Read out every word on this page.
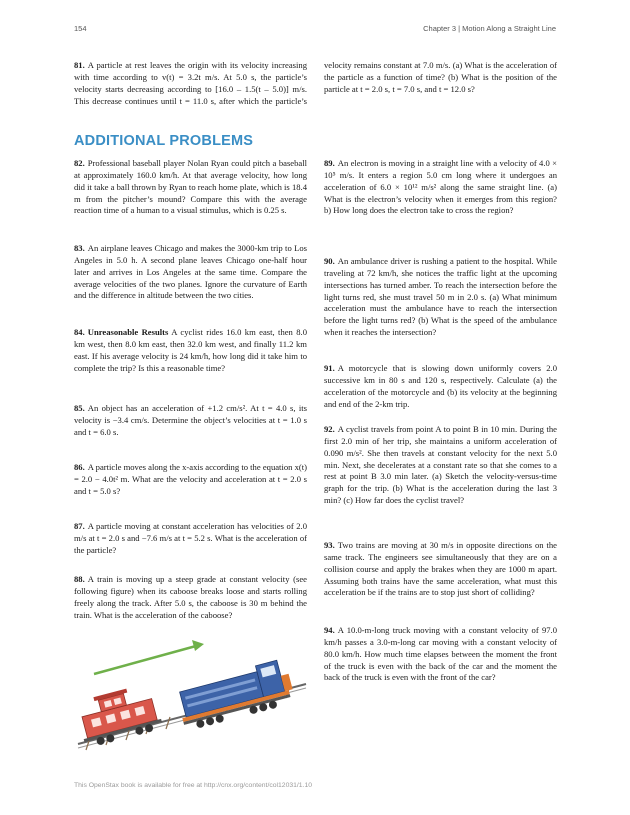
154	Chapter 3 | Motion Along a Straight Line

81. A particle at rest leaves the origin with its velocity increasing with time according to v(t) = 3.2t m/s. At 5.0 s, the particle’s velocity starts decreasing according to [16.0 – 1.5(t – 5.0)] m/s. This decrease continues until t = 11.0 s, after which the particle’s velocity remains constant at 7.0 m/s. (a) What is the acceleration of the particle as a function of time? (b) What is the position of the particle at t = 2.0 s, t = 7.0 s, and t = 12.0 s?

ADDITIONAL PROBLEMS

82. Professional baseball player Nolan Ryan could pitch a baseball at approximately 160.0 km/h. At that average velocity, how long did it take a ball thrown by Ryan to reach home plate, which is 18.4 m from the pitcher’s mound? Compare this with the average reaction time of a human to a visual stimulus, which is 0.25 s.

83. An airplane leaves Chicago and makes the 3000-km trip to Los Angeles in 5.0 h. A second plane leaves Chicago one-half hour later and arrives in Los Angeles at the same time. Compare the average velocities of the two planes. Ignore the curvature of Earth and the difference in altitude between the two cities.

84. Unreasonable Results A cyclist rides 16.0 km east, then 8.0 km west, then 8.0 km east, then 32.0 km west, and finally 11.2 km east. If his average velocity is 24 km/h, how long did it take him to complete the trip? Is this a reasonable time?

85. An object has an acceleration of +1.2 cm/s². At t = 4.0 s, its velocity is −3.4 cm/s. Determine the object’s velocities at t = 1.0 s and t = 6.0 s.

86. A particle moves along the x-axis according to the equation x(t) = 2.0 − 4.0t² m. What are the velocity and acceleration at t = 2.0 s and t = 5.0 s?

87. A particle moving at constant acceleration has velocities of 2.0 m/s at t = 2.0 s and −7.6 m/s at t = 5.2 s. What is the acceleration of the particle?

88. A train is moving up a steep grade at constant velocity (see following figure) when its caboose breaks loose and starts rolling freely along the track. After 5.0 s, the caboose is 30 m behind the train. What is the acceleration of the caboose?

89. An electron is moving in a straight line with a velocity of 4.0 × 10⁵ m/s. It enters a region 5.0 cm long where it undergoes an acceleration of 6.0 × 10¹² m/s² along the same straight line. (a) What is the electron’s velocity when it emerges from this region? b) How long does the electron take to cross the region?

90. An ambulance driver is rushing a patient to the hospital. While traveling at 72 km/h, she notices the traffic light at the upcoming intersections has turned amber. To reach the intersection before the light turns red, she must travel 50 m in 2.0 s. (a) What minimum acceleration must the ambulance have to reach the intersection before the light turns red? (b) What is the speed of the ambulance when it reaches the intersection?

91. A motorcycle that is slowing down uniformly covers 2.0 successive km in 80 s and 120 s, respectively. Calculate (a) the acceleration of the motorcycle and (b) its velocity at the beginning and end of the 2-km trip.

92. A cyclist travels from point A to point B in 10 min. During the first 2.0 min of her trip, she maintains a uniform acceleration of 0.090 m/s². She then travels at constant velocity for the next 5.0 min. Next, she decelerates at a constant rate so that she comes to a rest at point B 3.0 min later. (a) Sketch the velocity-versus-time graph for the trip. (b) What is the acceleration during the last 3 min? (c) How far does the cyclist travel?

93. Two trains are moving at 30 m/s in opposite directions on the same track. The engineers see simultaneously that they are on a collision course and apply the brakes when they are 1000 m apart. Assuming both trains have the same acceleration, what must this acceleration be if the trains are to stop just short of colliding?

94. A 10.0-m-long truck moving with a constant velocity of 97.0 km/h passes a 3.0-m-long car moving with a constant velocity of 80.0 km/h. How much time elapses between the moment the front of the truck is even with the back of the car and the moment the back of the truck is even with the front of the car?

This OpenStax book is available for free at http://cnx.org/content/col12031/1.10
